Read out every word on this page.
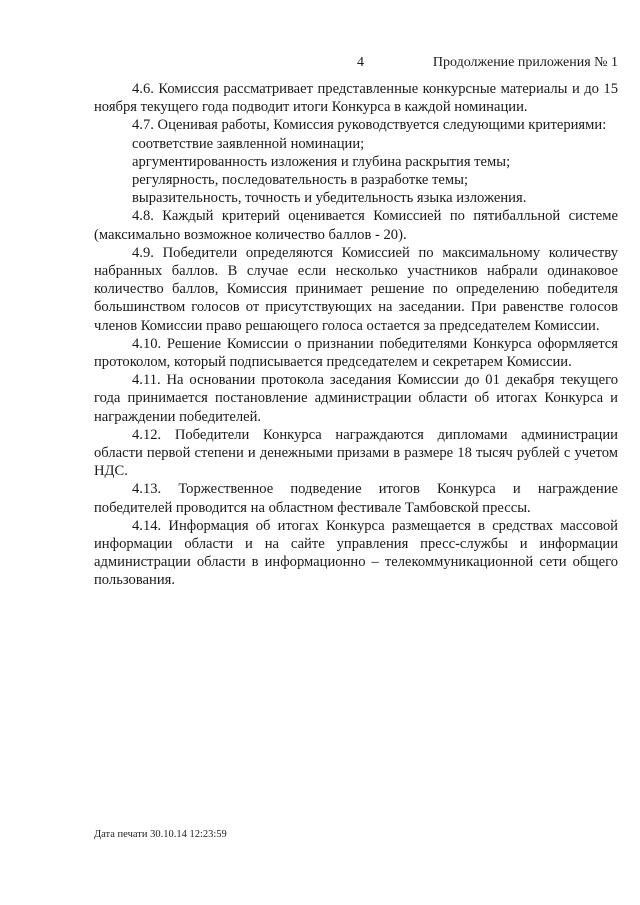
4	Продолжение приложения № 1

4.6. Комиссия рассматривает представленные конкурсные материалы и до 15 ноября текущего года подводит итоги Конкурса в каждой номинации.

4.7. Оценивая работы, Комиссия руководствуется следующими критериями:

соответствие заявленной номинации;

аргументированность изложения и глубина раскрытия темы;

регулярность, последовательность в разработке темы;

выразительность, точность и убедительность языка изложения.

4.8. Каждый критерий оценивается Комиссией по пятибалльной системе (максимально возможное количество баллов - 20).

4.9. Победители определяются Комиссией по максимальному количеству набранных баллов. В случае если несколько участников набрали одинаковое количество баллов, Комиссия принимает решение по определению победителя большинством голосов от присутствующих на заседании. При равенстве голосов членов Комиссии право решающего голоса остается за председателем Комиссии.

4.10. Решение Комиссии о признании победителями Конкурса оформляется протоколом, который подписывается председателем и секретарем Комиссии.

4.11. На основании протокола заседания Комиссии до 01 декабря текущего года принимается постановление администрации области об итогах Конкурса и награждении победителей.

4.12. Победители Конкурса награждаются дипломами администрации области первой степени и денежными призами в размере 18 тысяч рублей с учетом НДС.

4.13. Торжественное подведение итогов Конкурса и награждение победителей проводится на областном фестивале Тамбовской прессы.

4.14. Информация об итогах Конкурса размещается в средствах массовой информации области и на сайте управления пресс-службы и информации администрации области в информационно – телекоммуникационной сети общего пользования.

Дата печати 30.10.14 12:23:59
